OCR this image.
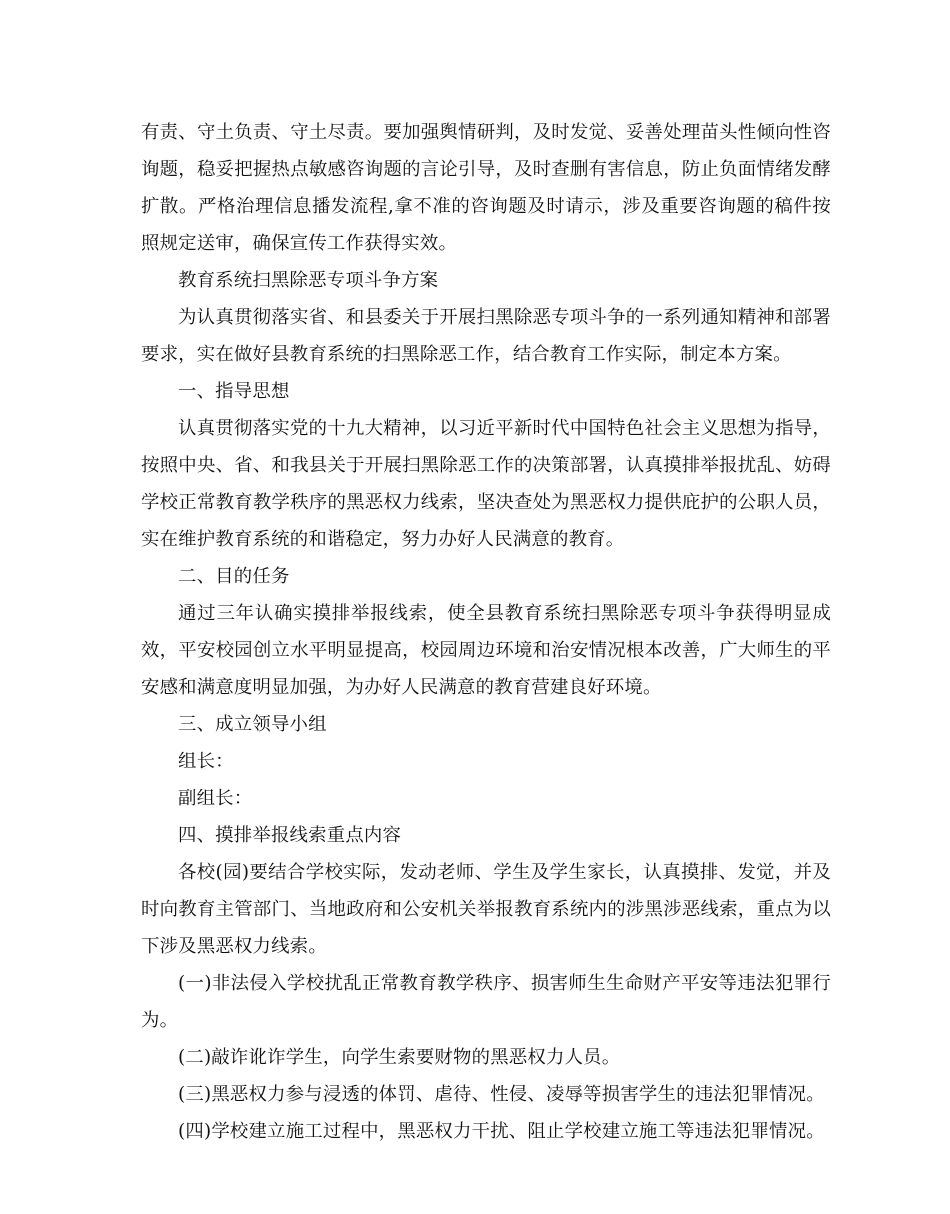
有责、守土负责、守土尽责。要加强舆情研判，及时发觉、妥善处理苗头性倾向性咨询题，稳妥把握热点敏感咨询题的言论引导，及时查删有害信息，防止负面情绪发酵扩散。严格治理信息播发流程,拿不准的咨询题及时请示，涉及重要咨询题的稿件按照规定送审，确保宣传工作获得实效。

教育系统扫黑除恶专项斗争方案

为认真贯彻落实省、和县委关于开展扫黑除恶专项斗争的一系列通知精神和部署要求，实在做好县教育系统的扫黑除恶工作，结合教育工作实际，制定本方案。

一、指导思想

认真贯彻落实党的十九大精神，以习近平新时代中国特色社会主义思想为指导，按照中央、省、和我县关于开展扫黑除恶工作的决策部署，认真摸排举报扰乱、妨碍学校正常教育教学秩序的黑恶权力线索，坚决查处为黑恶权力提供庇护的公职人员，实在维护教育系统的和谐稳定，努力办好人民满意的教育。

二、目的任务

通过三年认确实摸排举报线索，使全县教育系统扫黑除恶专项斗争获得明显成效，平安校园创立水平明显提高，校园周边环境和治安情况根本改善，广大师生的平安感和满意度明显加强，为办好人民满意的教育营建良好环境。

三、成立领导小组

组长：

副组长：

四、摸排举报线索重点内容

各校(园)要结合学校实际，发动老师、学生及学生家长，认真摸排、发觉，并及时向教育主管部门、当地政府和公安机关举报教育系统内的涉黑涉恶线索，重点为以下涉及黑恶权力线索。

(一)非法侵入学校扰乱正常教育教学秩序、损害师生生命财产平安等违法犯罪行为。

(二)敲诈讹诈学生，向学生索要财物的黑恶权力人员。

(三)黑恶权力参与浸透的体罚、虐待、性侵、凌辱等损害学生的违法犯罪情况。

(四)学校建立施工过程中，黑恶权力干扰、阻止学校建立施工等违法犯罪情况。
